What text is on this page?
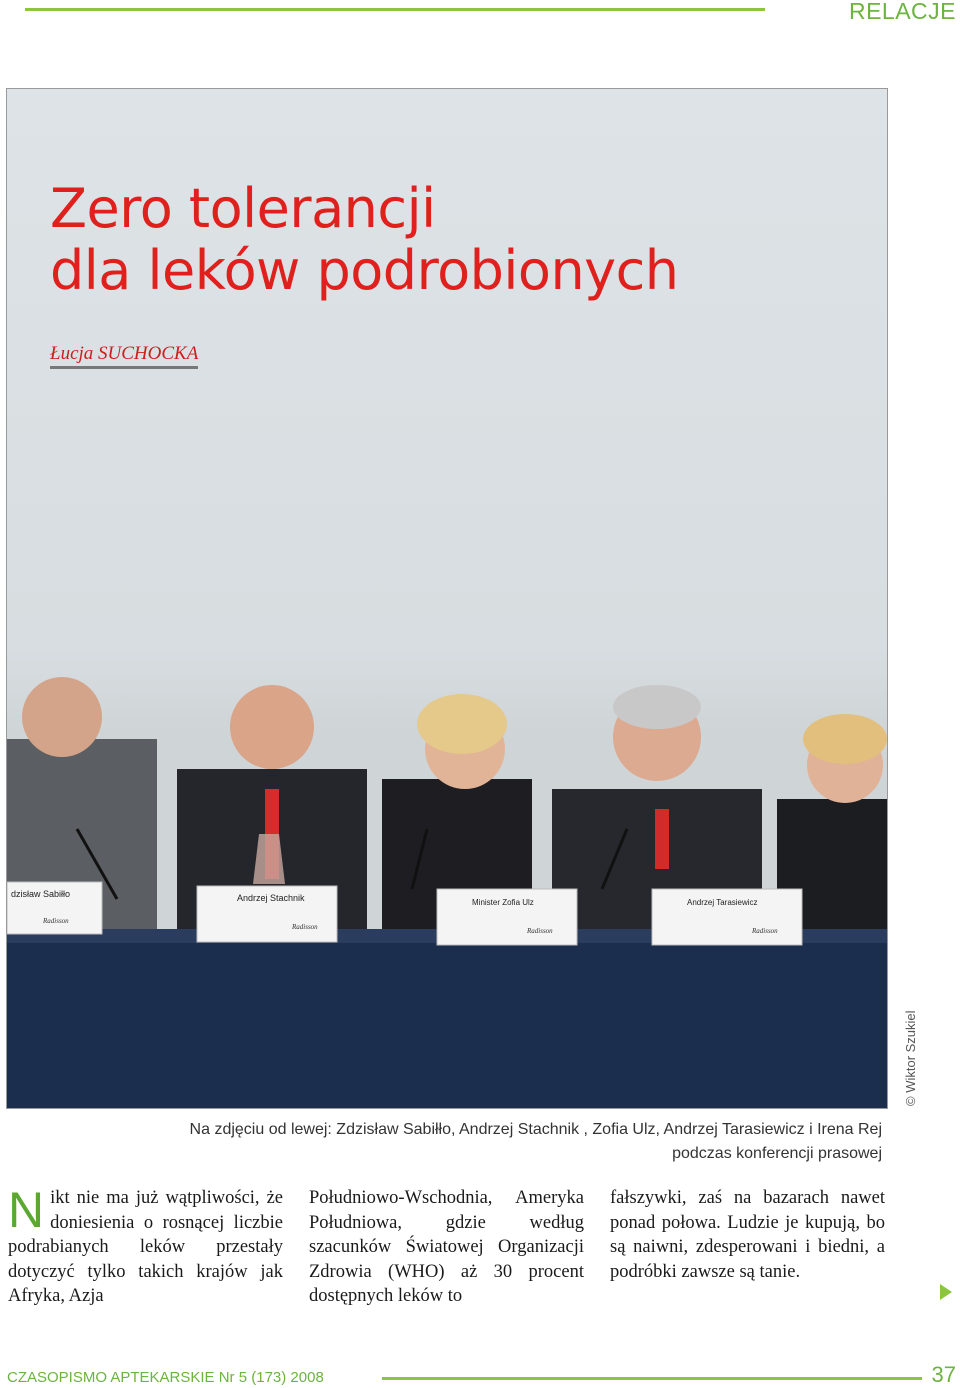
RELACJE
dzisław Sabiłło
Radisson
Andrzej Stachnik
Radisson
Minister Zofia Ulz
Radisson
Andrzej Tarasiewicz
Radisson
Zero tolerancji
dla leków podrobionych
Łucja SUCHOCKA
© Wiktor Szukiel
Na zdjęciu od lewej: Zdzisław Sabiłło, Andrzej Stachnik , Zofia Ulz, Andrzej Tarasiewicz i Irena Rej
podczas konferencji prasowej

Nikt nie ma już wątpliwości, że doniesienia o rosnącej liczbie podrabianych leków przestały dotyczyć tylko takich krajów jak Afryka, Azja

Południowo-Wschodnia, Ameryka Południowa, gdzie według szacunków Światowej Organizacji Zdrowia (WHO) aż 30 procent dostępnych leków to

fałszywki, zaś na bazarach nawet ponad połowa. Ludzie je kupują, bo są naiwni, zdesperowani i biedni, a podróbki zawsze są tanie.

CZASOPISMO APTEKARSKIE Nr 5 (173) 2008	37
